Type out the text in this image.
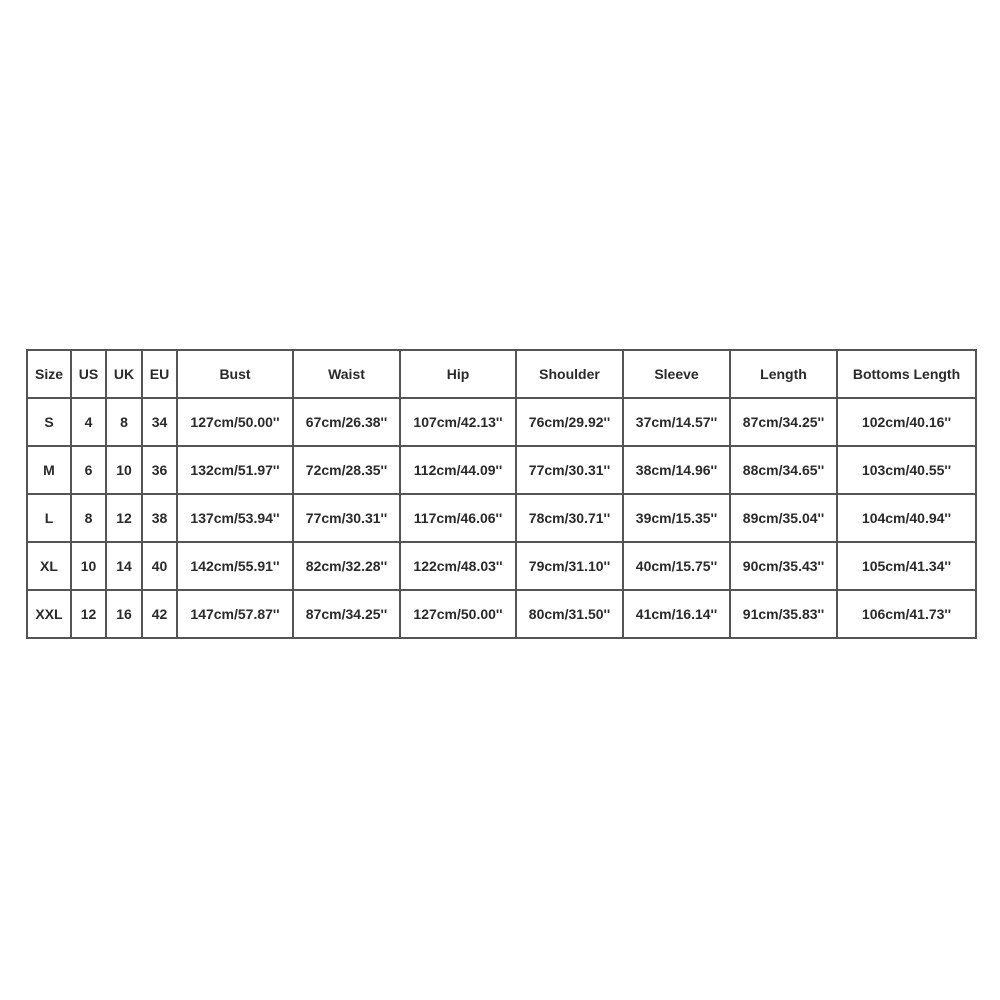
Size	US	UK	EU	Bust	Waist	Hip	Shoulder	Sleeve	Length	Bottoms Length
S	4	8	34	127cm/50.00''	67cm/26.38''	107cm/42.13''	76cm/29.92''	37cm/14.57''	87cm/34.25''	102cm/40.16''
M	6	10	36	132cm/51.97''	72cm/28.35''	112cm/44.09''	77cm/30.31''	38cm/14.96''	88cm/34.65''	103cm/40.55''
L	8	12	38	137cm/53.94''	77cm/30.31''	117cm/46.06''	78cm/30.71''	39cm/15.35''	89cm/35.04''	104cm/40.94''
XL	10	14	40	142cm/55.91''	82cm/32.28''	122cm/48.03''	79cm/31.10''	40cm/15.75''	90cm/35.43''	105cm/41.34''
XXL	12	16	42	147cm/57.87''	87cm/34.25''	127cm/50.00''	80cm/31.50''	41cm/16.14''	91cm/35.83''	106cm/41.73''
